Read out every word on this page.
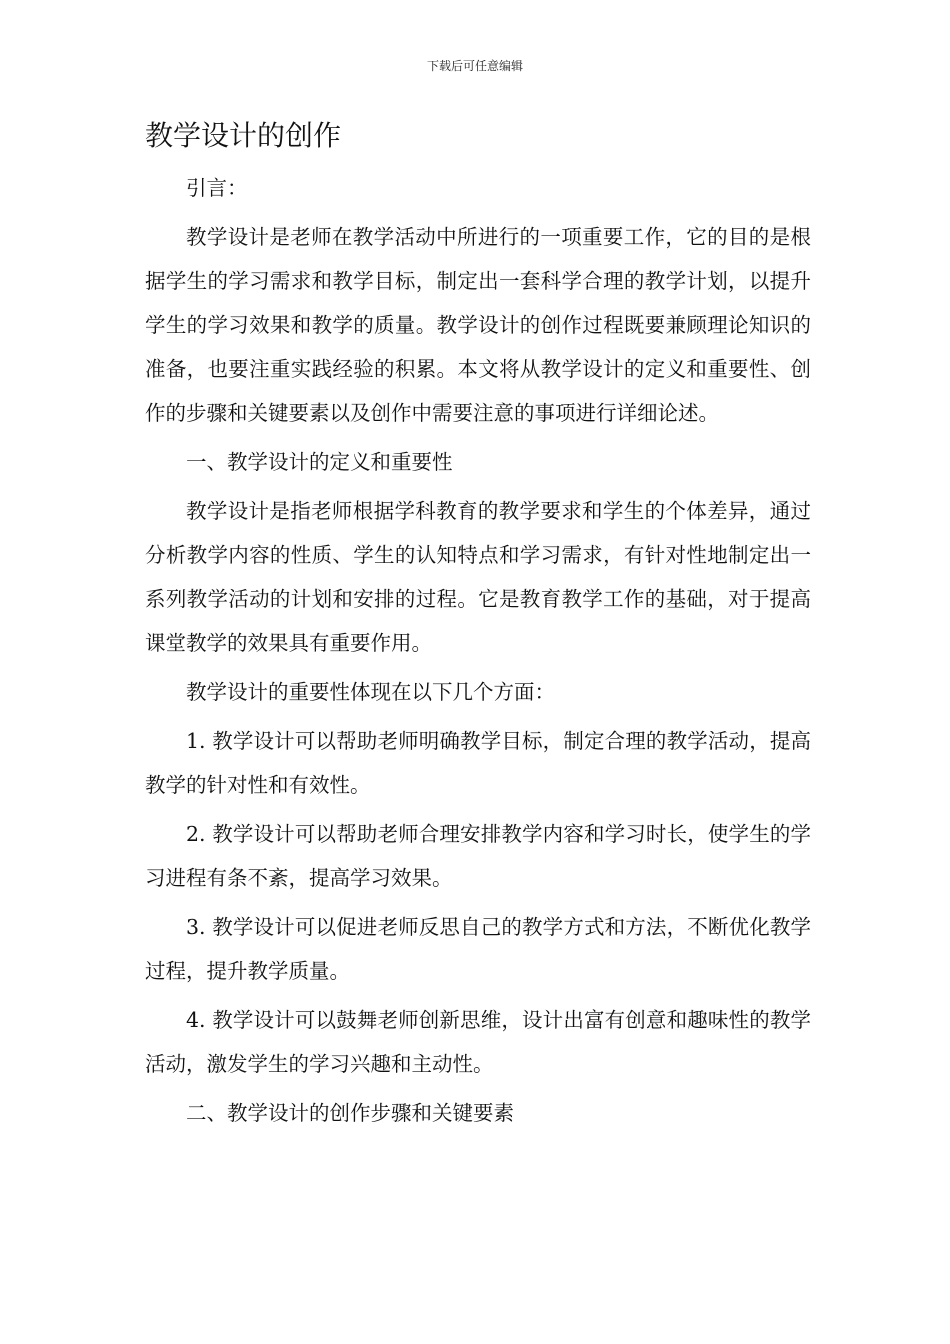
下载后可任意编辑
教学设计的创作

引言：

教学设计是老师在教学活动中所进行的一项重要工作，它的目的是根据学生的学习需求和教学目标，制定出一套科学合理的教学计划，以提升学生的学习效果和教学的质量。教学设计的创作过程既要兼顾理论知识的准备，也要注重实践经验的积累。本文将从教学设计的定义和重要性、创作的步骤和关键要素以及创作中需要注意的事项进行详细论述。

一、教学设计的定义和重要性

教学设计是指老师根据学科教育的教学要求和学生的个体差异，通过分析教学内容的性质、学生的认知特点和学习需求，有针对性地制定出一系列教学活动的计划和安排的过程。它是教育教学工作的基础，对于提高课堂教学的效果具有重要作用。

教学设计的重要性体现在以下几个方面：

1. 教学设计可以帮助老师明确教学目标，制定合理的教学活动，提高教学的针对性和有效性。

2. 教学设计可以帮助老师合理安排教学内容和学习时长，使学生的学习进程有条不紊，提高学习效果。

3. 教学设计可以促进老师反思自己的教学方式和方法，不断优化教学过程，提升教学质量。

4. 教学设计可以鼓舞老师创新思维，设计出富有创意和趣味性的教学活动，激发学生的学习兴趣和主动性。

二、教学设计的创作步骤和关键要素
